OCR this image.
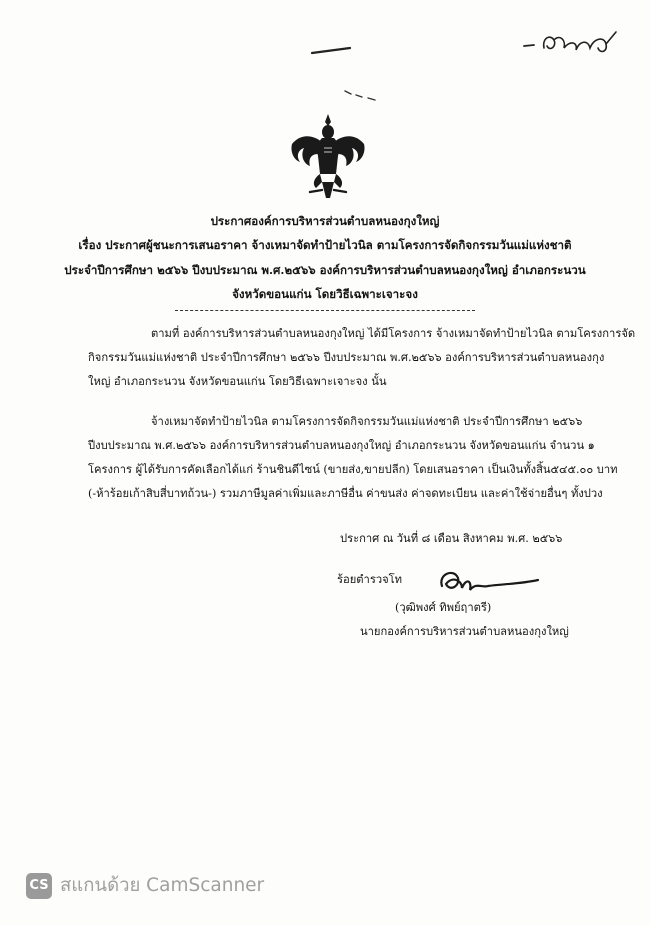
ประกาศองค์การบริหารส่วนตำบลหนองกุงใหญ่
เรื่อง ประกาศผู้ชนะการเสนอราคา จ้างเหมาจัดทำป้ายไวนิล ตามโครงการจัดกิจกรรมวันแม่แห่งชาติ
ประจำปีการศึกษา ๒๕๖๖ ปีงบประมาณ พ.ศ.๒๕๖๖ องค์การบริหารส่วนตำบลหนองกุงใหญ่ อำเภอกระนวน
จังหวัดขอนแก่น โดยวิธีเฉพาะเจาะจง
ตามที่ องค์การบริหารส่วนตำบลหนองกุงใหญ่ ได้มีโครงการ จ้างเหมาจัดทำป้ายไวนิล ตามโครงการจัด
กิจกรรมวันแม่แห่งชาติ ประจำปีการศึกษา ๒๕๖๖ ปีงบประมาณ พ.ศ.๒๕๖๖ องค์การบริหารส่วนตำบลหนองกุง
ใหญ่ อำเภอกระนวน จังหวัดขอนแก่น โดยวิธีเฉพาะเจาะจง นั้น
จ้างเหมาจัดทำป้ายไวนิล ตามโครงการจัดกิจกรรมวันแม่แห่งชาติ ประจำปีการศึกษา ๒๕๖๖
ปีงบประมาณ พ.ศ.๒๕๖๖ องค์การบริหารส่วนตำบลหนองกุงใหญ่ อำเภอกระนวน จังหวัดขอนแก่น จำนวน ๑
โครงการ ผู้ได้รับการคัดเลือกได้แก่ ร้านชินดีไซน์ (ขายส่ง,ขายปลีก) โดยเสนอราคา เป็นเงินทั้งสิ้น๕๔๕.๐๐ บาท
(-ห้าร้อยเก้าสิบสี่บาทถ้วน-) รวมภาษีมูลค่าเพิ่มและภาษีอื่น ค่าขนส่ง ค่าจดทะเบียน และค่าใช้จ่ายอื่นๆ ทั้งปวง
ประกาศ ณ วันที่ ๘ เดือน สิงหาคม พ.ศ. ๒๕๖๖
ร้อยตำรวจโท
(วุฒิพงศ์ ทิพย์ฤาตรี)
นายกองค์การบริหารส่วนตำบลหนองกุงใหญ่
CS สแกนด้วย CamScanner
